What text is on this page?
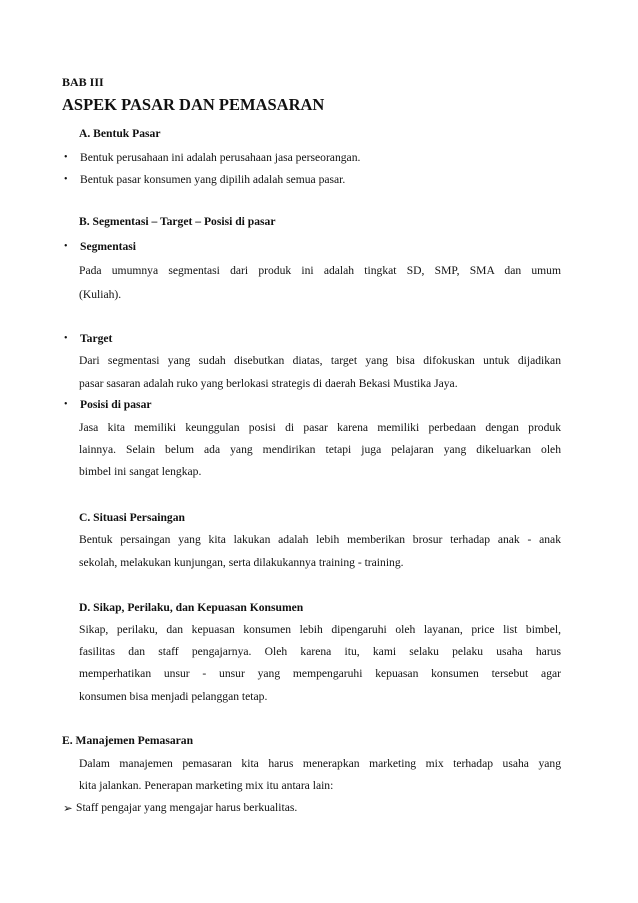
BAB III
ASPEK PASAR DAN PEMASARAN
A. Bentuk Pasar
• Bentuk perusahaan ini adalah perusahaan jasa perseorangan.
• Bentuk pasar konsumen yang dipilih adalah semua pasar.
B. Segmentasi – Target – Posisi di pasar
• Segmentasi
Pada umumnya segmentasi dari produk ini adalah tingkat SD, SMP, SMA dan umum
(Kuliah).
• Target
Dari segmentasi yang sudah disebutkan diatas, target yang bisa difokuskan untuk dijadikan
pasar sasaran adalah ruko yang berlokasi strategis di daerah Bekasi Mustika Jaya.
• Posisi di pasar
Jasa kita memiliki keunggulan posisi di pasar karena memiliki perbedaan dengan produk
lainnya. Selain belum ada yang mendirikan tetapi juga pelajaran yang dikeluarkan oleh
bimbel ini sangat lengkap.
C. Situasi Persaingan
Bentuk persaingan yang kita lakukan adalah lebih memberikan brosur terhadap anak - anak
sekolah, melakukan kunjungan, serta dilakukannya training - training.
D. Sikap, Perilaku, dan Kepuasan Konsumen
Sikap, perilaku, dan kepuasan konsumen lebih dipengaruhi oleh layanan, price list bimbel,
fasilitas dan staff pengajarnya. Oleh karena itu, kami selaku pelaku usaha harus
memperhatikan unsur - unsur yang mempengaruhi kepuasan konsumen tersebut agar
konsumen bisa menjadi pelanggan tetap.
E. Manajemen Pemasaran
Dalam manajemen pemasaran kita harus menerapkan marketing mix terhadap usaha yang
kita jalankan. Penerapan marketing mix itu antara lain:
➢ Staff pengajar yang mengajar harus berkualitas.
